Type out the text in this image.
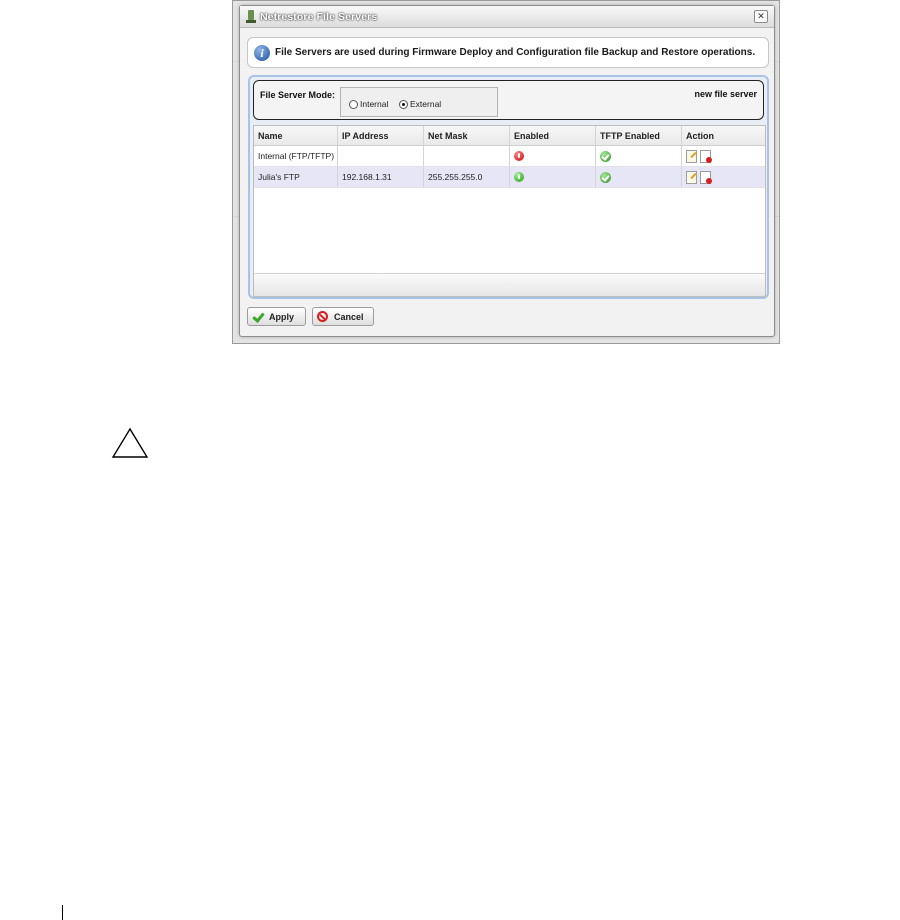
Netrestore File Servers	✕
i	File Servers are used during Firmware Deploy and Configuration file Backup and Restore operations.
File Server Mode:
Internal	External
new file server
Name	IP Address	Net Mask	Enabled	TFTP Enabled	Action
Internal (FTP/TFTP)
Julia's FTP	192.168.1.31	255.255.255.0
Apply	Cancel
